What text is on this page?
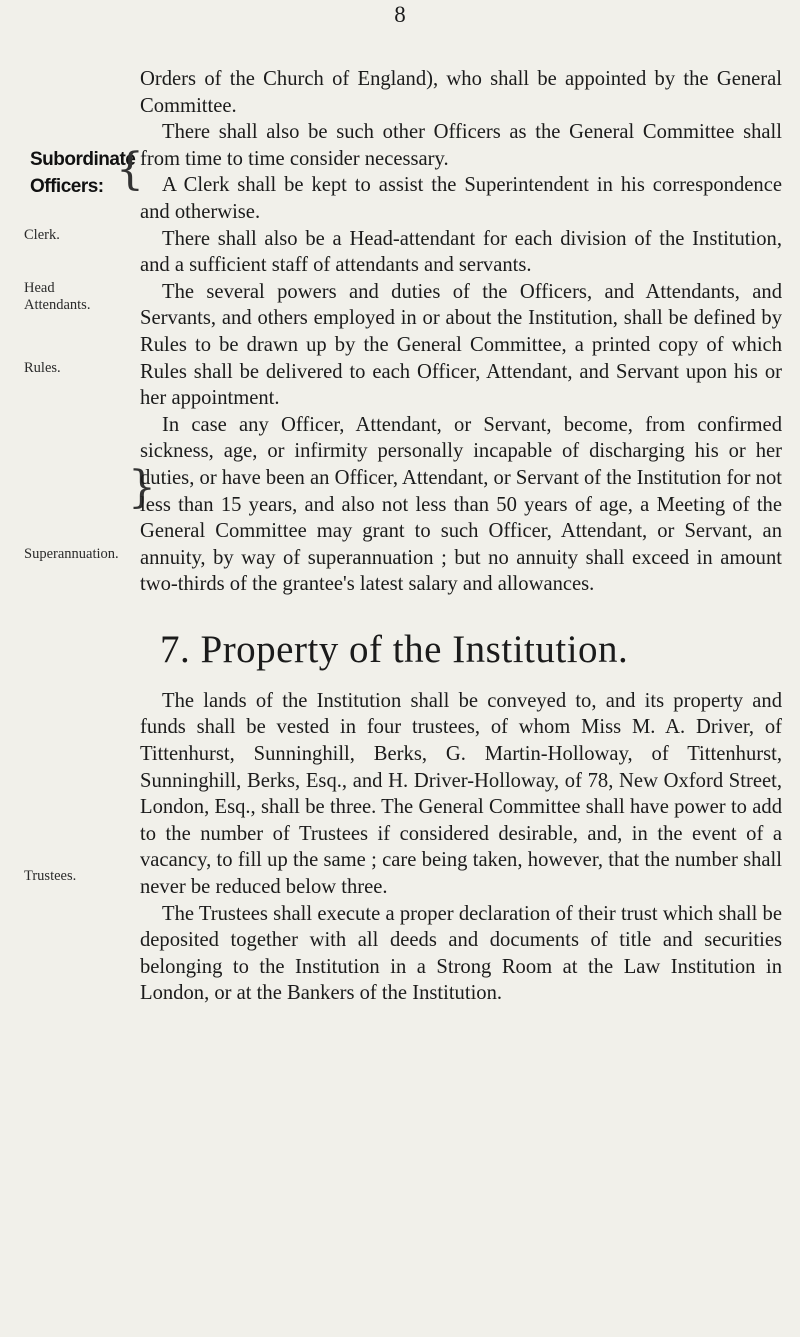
8
Subordinate Officers: {
Clerk.
Head Attendants.
Rules.
}
Superannuation.
Trustees.

Orders of the Church of England), who shall be appointed by the General Committee.

There shall also be such other Officers as the General Committee shall from time to time consider necessary.

A Clerk shall be kept to assist the Superintendent in his correspondence and otherwise.

There shall also be a Head-attendant for each division of the Institution, and a sufficient staff of attendants and servants.

The several powers and duties of the Officers, and Attendants, and Servants, and others employed in or about the Institution, shall be defined by Rules to be drawn up by the General Committee, a printed copy of which Rules shall be delivered to each Officer, Attendant, and Servant upon his or her appointment.

In case any Officer, Attendant, or Servant, become, from confirmed sickness, age, or infirmity personally incapable of discharging his or her duties, or have been an Officer, Attendant, or Servant of the Institution for not less than 15 years, and also not less than 50 years of age, a Meeting of the General Committee may grant to such Officer, Attendant, or Servant, an annuity, by way of superannuation ; but no annuity shall exceed in amount two-thirds of the grantee's latest salary and allowances.

7. Property of the Institution.

The lands of the Institution shall be conveyed to, and its property and funds shall be vested in four trustees, of whom Miss M. A. Driver, of Tittenhurst, Sunninghill, Berks, G. Martin-Holloway, of Tittenhurst, Sunninghill, Berks, Esq., and H. Driver-Holloway, of 78, New Oxford Street, London, Esq., shall be three. The General Committee shall have power to add to the number of Trustees if considered desirable, and, in the event of a vacancy, to fill up the same ; care being taken, however, that the number shall never be reduced below three.

The Trustees shall execute a proper declaration of their trust which shall be deposited together with all deeds and documents of title and securities belonging to the Institution in a Strong Room at the Law Institution in London, or at the Bankers of the Institution.
